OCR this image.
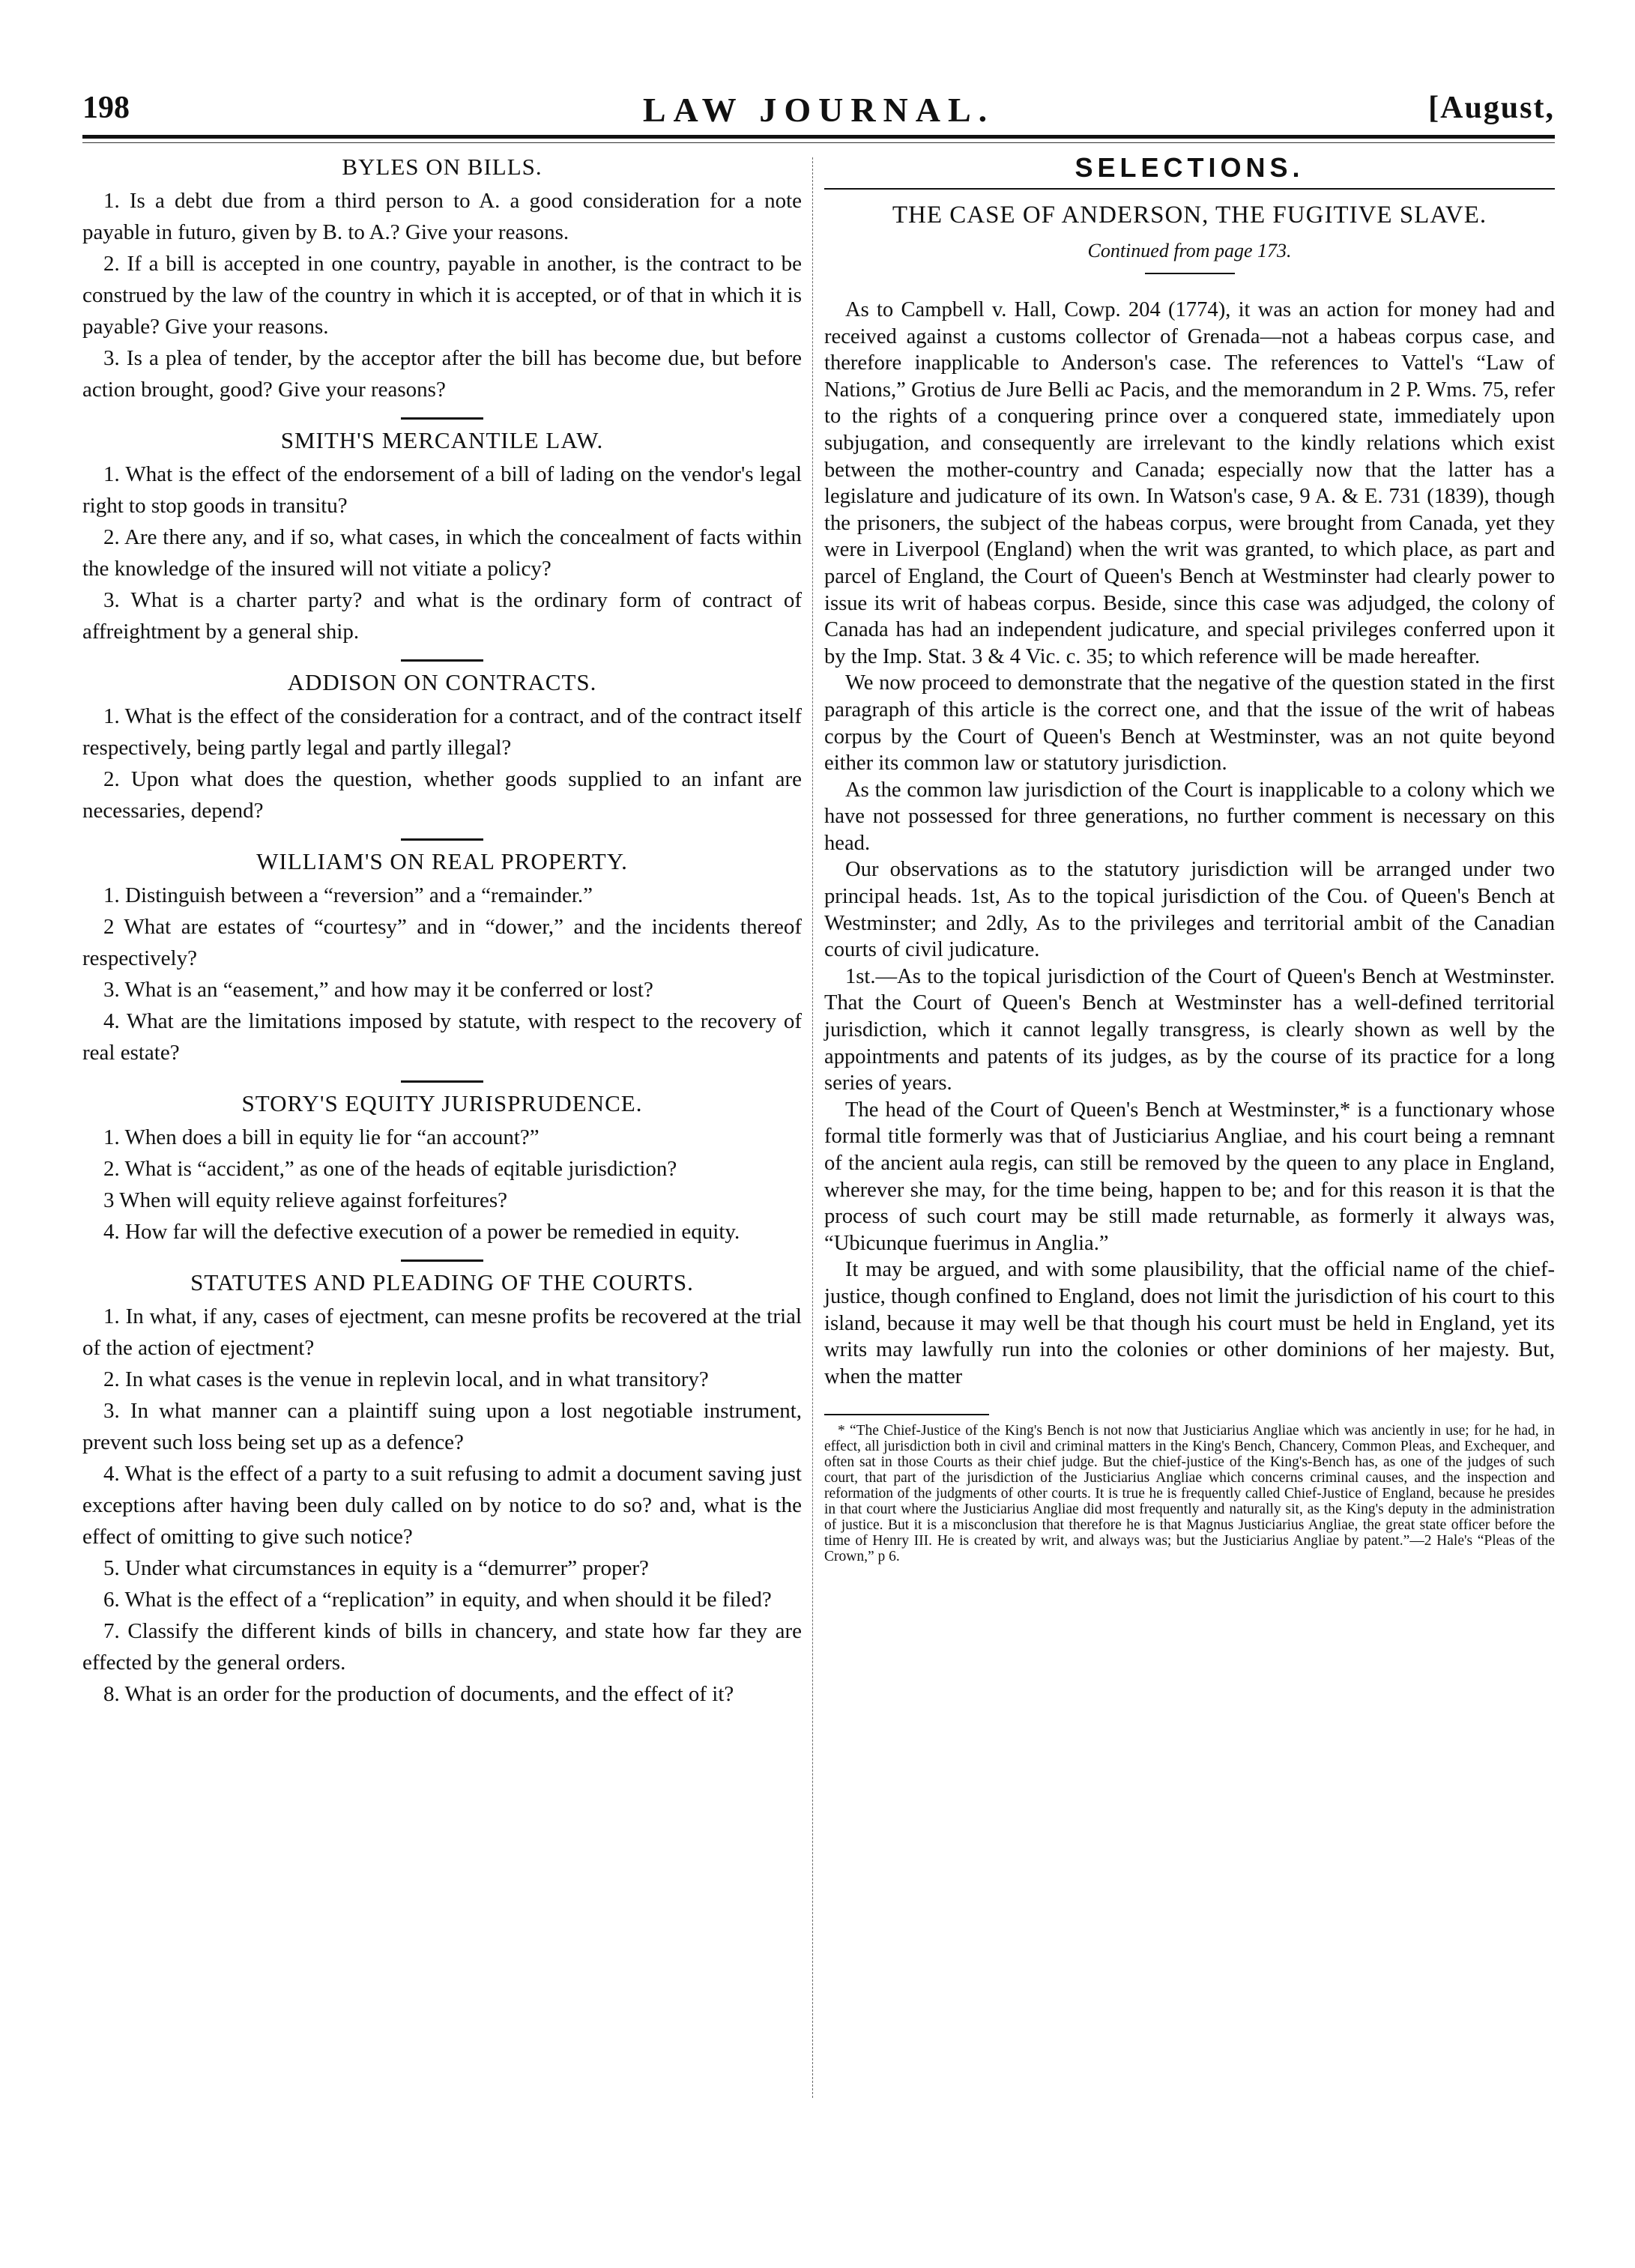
198	LAW JOURNAL.	[August,
BYLES ON BILLS.

1. Is a debt due from a third person to A. a good consideration for a note payable in futuro, given by B. to A.? Give your reasons.

2. If a bill is accepted in one country, payable in another, is the contract to be construed by the law of the country in which it is accepted, or of that in which it is payable? Give your reasons.

3. Is a plea of tender, by the acceptor after the bill has become due, but before action brought, good? Give your reasons?

SMITH'S MERCANTILE LAW.

1. What is the effect of the endorsement of a bill of lading on the vendor's legal right to stop goods in transitu?

2. Are there any, and if so, what cases, in which the concealment of facts within the knowledge of the insured will not vitiate a policy?

3. What is a charter party? and what is the ordinary form of contract of affreightment by a general ship.

ADDISON ON CONTRACTS.

1. What is the effect of the consideration for a contract, and of the contract itself respectively, being partly legal and partly illegal?

2. Upon what does the question, whether goods supplied to an infant are necessaries, depend?

WILLIAM'S ON REAL PROPERTY.

1. Distinguish between a “reversion” and a “remainder.”

2 What are estates of “courtesy” and in “dower,” and the incidents thereof respectively?

3. What is an “easement,” and how may it be conferred or lost?

4. What are the limitations imposed by statute, with respect to the recovery of real estate?

STORY'S EQUITY JURISPRUDENCE.

1. When does a bill in equity lie for “an account?”

2. What is “accident,” as one of the heads of eqitable jurisdiction?

3 When will equity relieve against forfeitures?

4. How far will the defective execution of a power be remedied in equity.

STATUTES AND PLEADING OF THE COURTS.

1. In what, if any, cases of ejectment, can mesne profits be recovered at the trial of the action of ejectment?

2. In what cases is the venue in replevin local, and in what transitory?

3. In what manner can a plaintiff suing upon a lost negotiable instrument, prevent such loss being set up as a defence?

4. What is the effect of a party to a suit refusing to admit a document saving just exceptions after having been duly called on by notice to do so? and, what is the effect of omitting to give such notice?

5. Under what circumstances in equity is a “demurrer” proper?

6. What is the effect of a “replication” in equity, and when should it be filed?

7. Classify the different kinds of bills in chancery, and state how far they are effected by the general orders.

8. What is an order for the production of documents, and the effect of it?

SELECTIONS.
THE CASE OF ANDERSON, THE FUGITIVE SLAVE.
Continued from page 173.

As to Campbell v. Hall, Cowp. 204 (1774), it was an action for money had and received against a customs collector of Grenada—not a habeas corpus case, and therefore inapplicable to Anderson's case. The references to Vattel's “Law of Nations,” Grotius de Jure Belli ac Pacis, and the memorandum in 2 P. Wms. 75, refer to the rights of a conquering prince over a conquered state, immediately upon subjugation, and consequently are irrelevant to the kindly relations which exist between the mother-country and Canada; especially now that the latter has a legislature and judicature of its own. In Watson's case, 9 A. & E. 731 (1839), though the prisoners, the subject of the habeas corpus, were brought from Canada, yet they were in Liverpool (England) when the writ was granted, to which place, as part and parcel of England, the Court of Queen's Bench at Westminster had clearly power to issue its writ of habeas corpus. Beside, since this case was adjudged, the colony of Canada has had an independent judicature, and special privileges conferred upon it by the Imp. Stat. 3 & 4 Vic. c. 35; to which reference will be made hereafter.

We now proceed to demonstrate that the negative of the question stated in the first paragraph of this article is the correct one, and that the issue of the writ of habeas corpus by the Court of Queen's Bench at Westminster, was an not quite beyond either its common law or statutory jurisdiction.

As the common law jurisdiction of the Court is inapplicable to a colony which we have not possessed for three generations, no further comment is necessary on this head.

Our observations as to the statutory jurisdiction will be arranged under two principal heads. 1st, As to the topical jurisdiction of the Cou. of Queen's Bench at Westminster; and 2dly, As to the privileges and territorial ambit of the Canadian courts of civil judicature.

1st.—As to the topical jurisdiction of the Court of Queen's Bench at Westminster. That the Court of Queen's Bench at Westminster has a well-defined territorial jurisdiction, which it cannot legally transgress, is clearly shown as well by the appointments and patents of its judges, as by the course of its practice for a long series of years.

The head of the Court of Queen's Bench at Westminster,* is a functionary whose formal title formerly was that of Justiciarius Angliae, and his court being a remnant of the ancient aula regis, can still be removed by the queen to any place in England, wherever she may, for the time being, happen to be; and for this reason it is that the process of such court may be still made returnable, as formerly it always was, “Ubicunque fuerimus in Anglia.”

It may be argued, and with some plausibility, that the official name of the chief-justice, though confined to England, does not limit the jurisdiction of his court to this island, because it may well be that though his court must be held in England, yet its writs may lawfully run into the colonies or other dominions of her majesty. But, when the matter

* “The Chief-Justice of the King's Bench is not now that Justiciarius Angliae which was anciently in use; for he had, in effect, all jurisdiction both in civil and criminal matters in the King's Bench, Chancery, Common Pleas, and Exchequer, and often sat in those Courts as their chief judge. But the chief-justice of the King's-Bench has, as one of the judges of such court, that part of the jurisdiction of the Justiciarius Angliae which concerns criminal causes, and the inspection and reformation of the judgments of other courts. It is true he is frequently called Chief-Justice of England, because he presides in that court where the Justiciarius Angliae did most frequently and naturally sit, as the King's deputy in the administration of justice. But it is a misconclusion that therefore he is that Magnus Justiciarius Angliae, the great state officer before the time of Henry III. He is created by writ, and always was; but the Justiciarius Angliae by patent.”—2 Hale's “Pleas of the Crown,” p 6.
